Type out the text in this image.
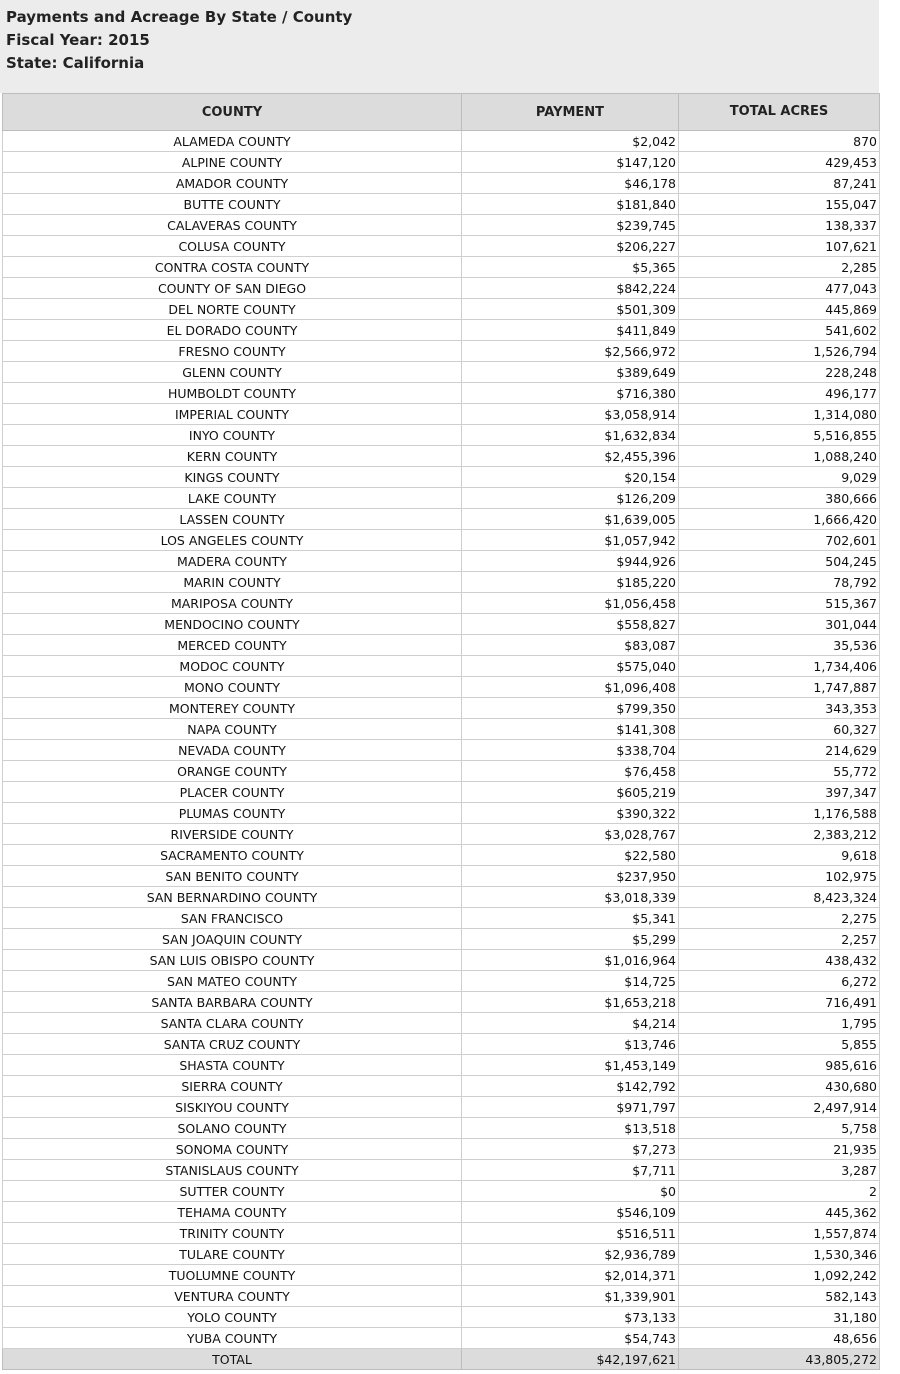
Payments and Acreage By State / County
Fiscal Year: 2015
State: California
COUNTY	PAYMENT	TOTAL ACRES
ALAMEDA COUNTY	$2,042	870
ALPINE COUNTY	$147,120	429,453
AMADOR COUNTY	$46,178	87,241
BUTTE COUNTY	$181,840	155,047
CALAVERAS COUNTY	$239,745	138,337
COLUSA COUNTY	$206,227	107,621
CONTRA COSTA COUNTY	$5,365	2,285
COUNTY OF SAN DIEGO	$842,224	477,043
DEL NORTE COUNTY	$501,309	445,869
EL DORADO COUNTY	$411,849	541,602
FRESNO COUNTY	$2,566,972	1,526,794
GLENN COUNTY	$389,649	228,248
HUMBOLDT COUNTY	$716,380	496,177
IMPERIAL COUNTY	$3,058,914	1,314,080
INYO COUNTY	$1,632,834	5,516,855
KERN COUNTY	$2,455,396	1,088,240
KINGS COUNTY	$20,154	9,029
LAKE COUNTY	$126,209	380,666
LASSEN COUNTY	$1,639,005	1,666,420
LOS ANGELES COUNTY	$1,057,942	702,601
MADERA COUNTY	$944,926	504,245
MARIN COUNTY	$185,220	78,792
MARIPOSA COUNTY	$1,056,458	515,367
MENDOCINO COUNTY	$558,827	301,044
MERCED COUNTY	$83,087	35,536
MODOC COUNTY	$575,040	1,734,406
MONO COUNTY	$1,096,408	1,747,887
MONTEREY COUNTY	$799,350	343,353
NAPA COUNTY	$141,308	60,327
NEVADA COUNTY	$338,704	214,629
ORANGE COUNTY	$76,458	55,772
PLACER COUNTY	$605,219	397,347
PLUMAS COUNTY	$390,322	1,176,588
RIVERSIDE COUNTY	$3,028,767	2,383,212
SACRAMENTO COUNTY	$22,580	9,618
SAN BENITO COUNTY	$237,950	102,975
SAN BERNARDINO COUNTY	$3,018,339	8,423,324
SAN FRANCISCO	$5,341	2,275
SAN JOAQUIN COUNTY	$5,299	2,257
SAN LUIS OBISPO COUNTY	$1,016,964	438,432
SAN MATEO COUNTY	$14,725	6,272
SANTA BARBARA COUNTY	$1,653,218	716,491
SANTA CLARA COUNTY	$4,214	1,795
SANTA CRUZ COUNTY	$13,746	5,855
SHASTA COUNTY	$1,453,149	985,616
SIERRA COUNTY	$142,792	430,680
SISKIYOU COUNTY	$971,797	2,497,914
SOLANO COUNTY	$13,518	5,758
SONOMA COUNTY	$7,273	21,935
STANISLAUS COUNTY	$7,711	3,287
SUTTER COUNTY	$0	2
TEHAMA COUNTY	$546,109	445,362
TRINITY COUNTY	$516,511	1,557,874
TULARE COUNTY	$2,936,789	1,530,346
TUOLUMNE COUNTY	$2,014,371	1,092,242
VENTURA COUNTY	$1,339,901	582,143
YOLO COUNTY	$73,133	31,180
YUBA COUNTY	$54,743	48,656
TOTAL	$42,197,621	43,805,272
